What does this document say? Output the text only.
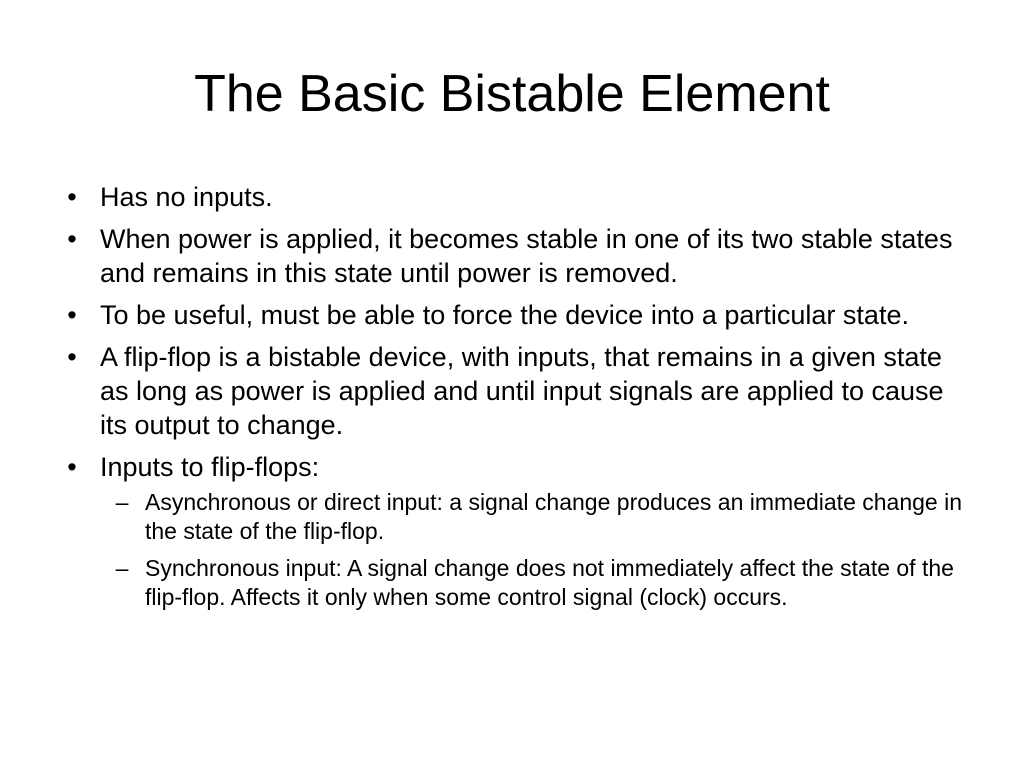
The Basic Bistable Element
• Has no inputs.
• When power is applied, it becomes stable in one of its two stable states and remains in this state until power is removed.
• To be useful, must be able to force the device into a particular state.
• A flip-flop is a bistable device, with inputs, that remains in a given state as long as power is applied and until input signals are applied to cause its output to change.
• Inputs to flip-flops:
– Asynchronous or direct input: a signal change produces an immediate change in the state of the flip-flop.
– Synchronous input: A signal change does not immediately affect the state of the flip-flop. Affects it only when some control signal (clock) occurs.
